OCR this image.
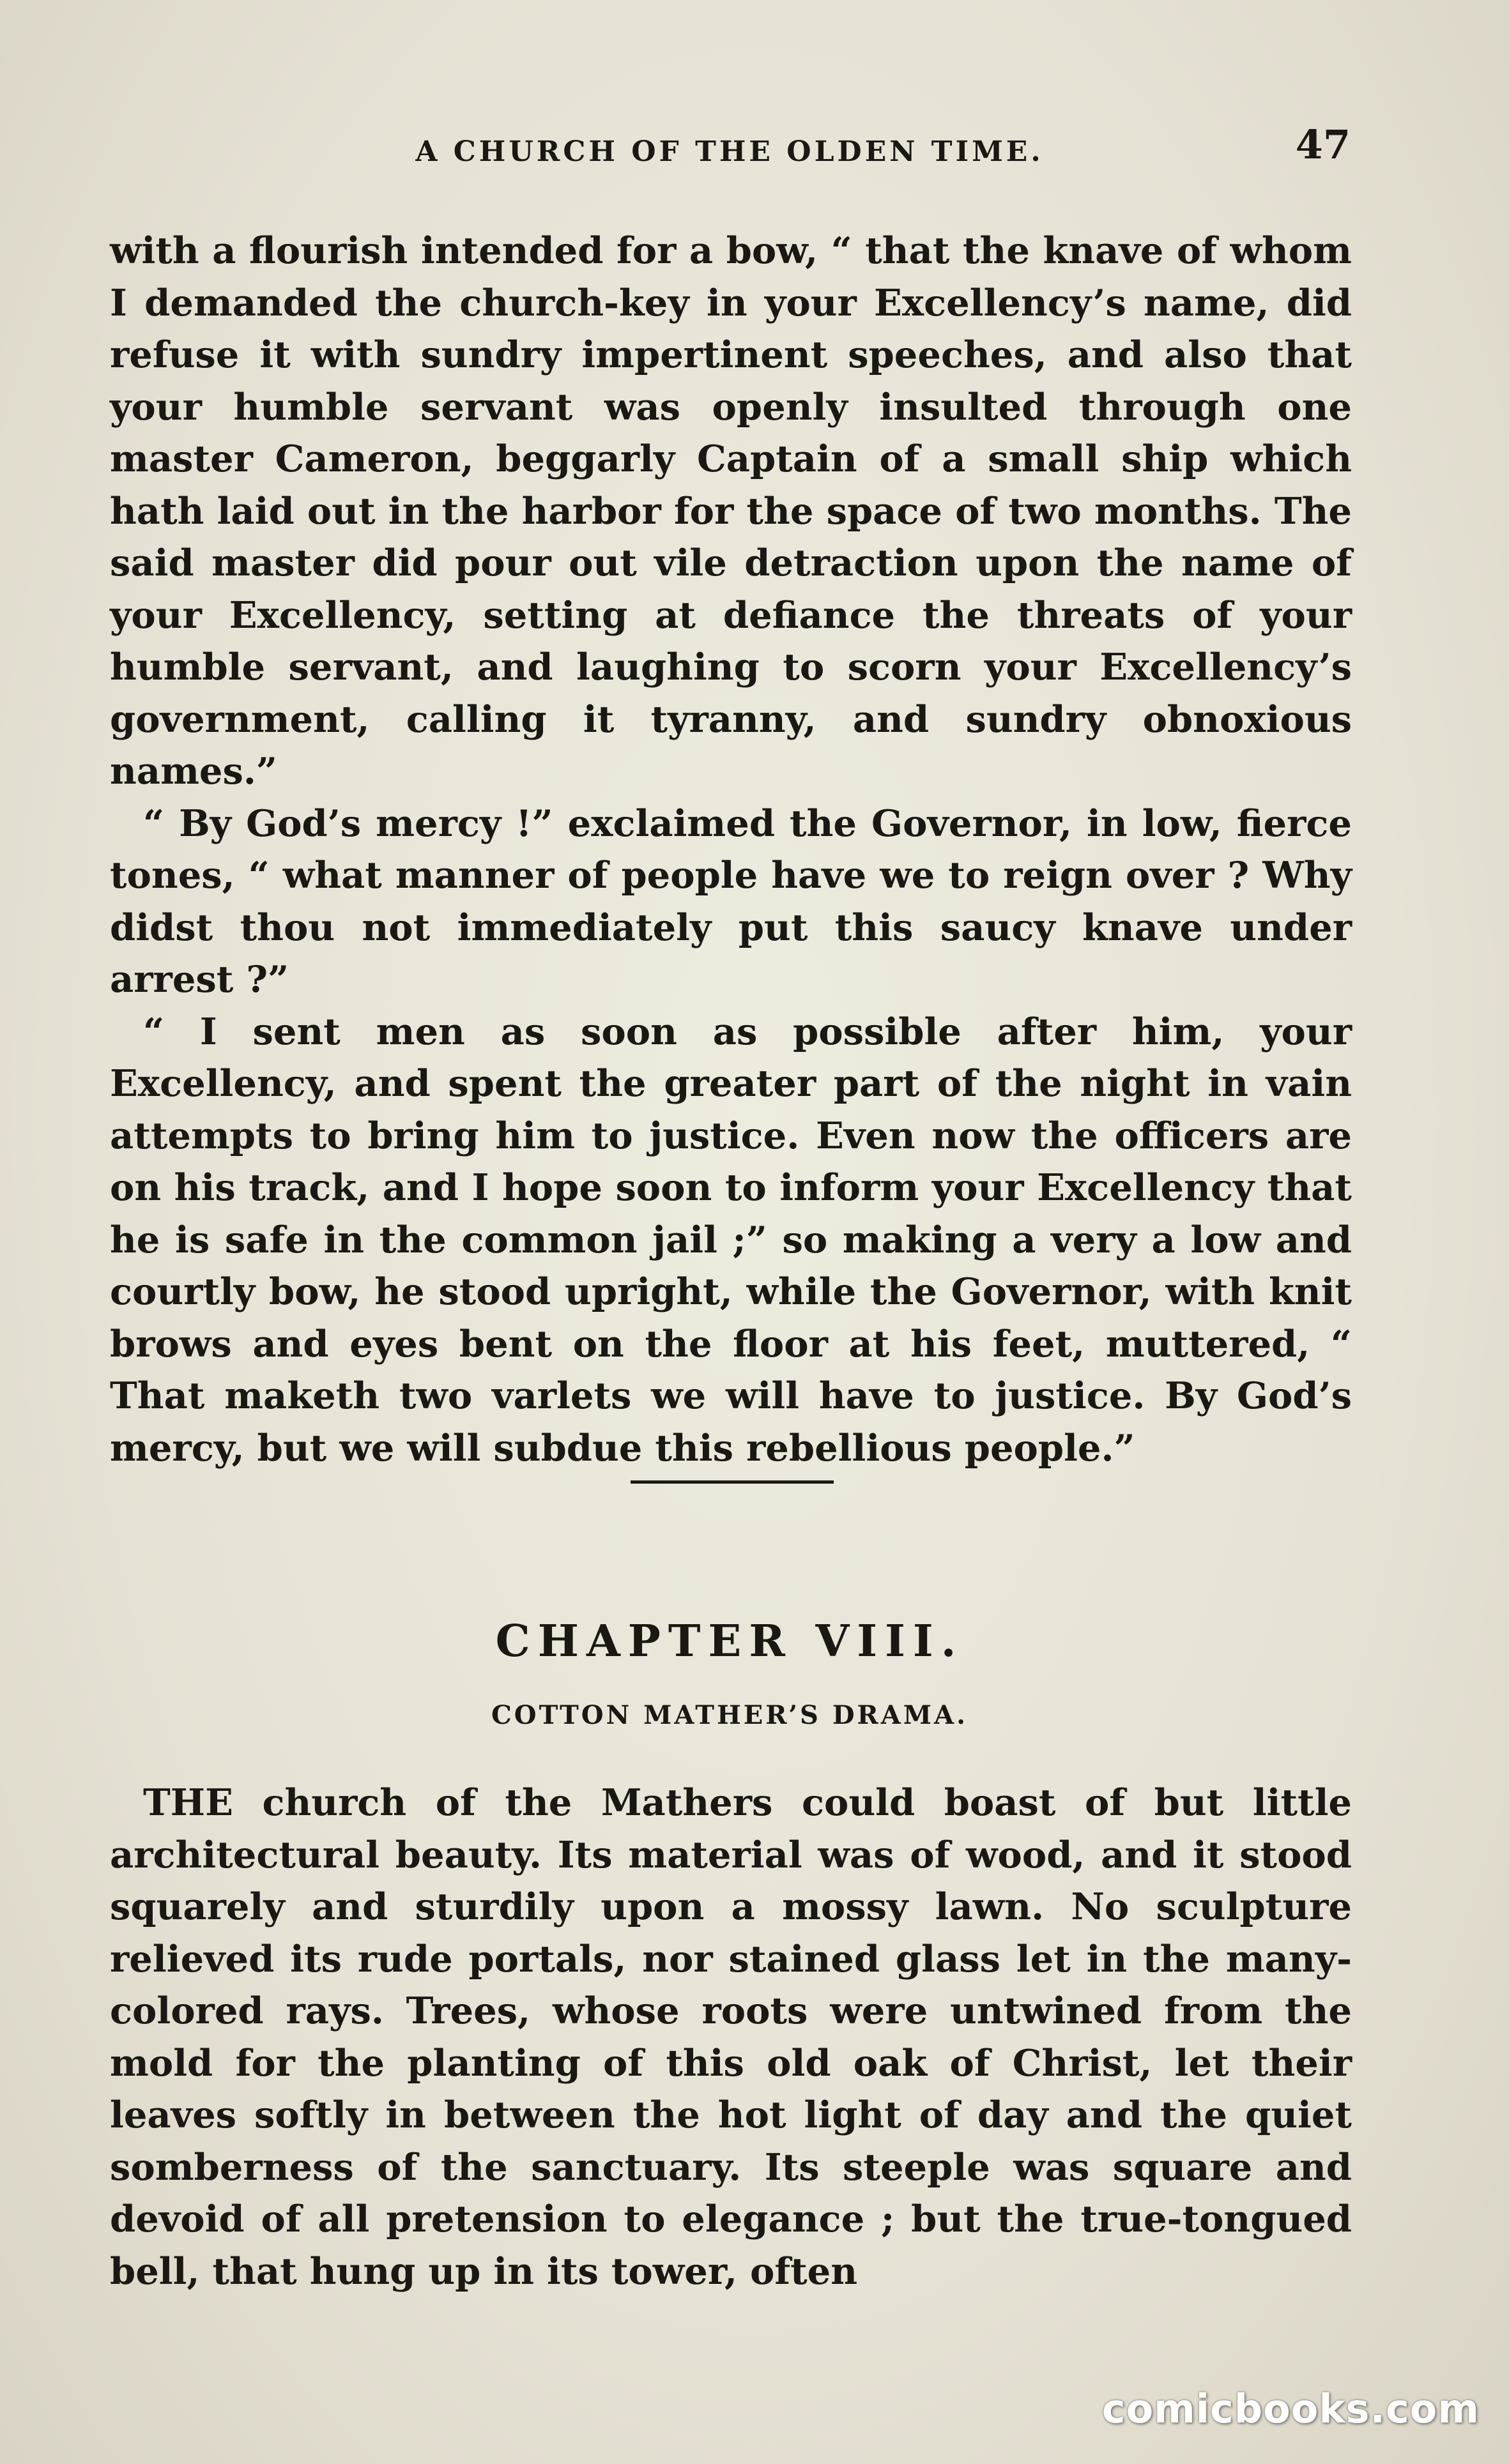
A CHURCH OF THE OLDEN TIME.	47

with a flourish intended for a bow, “ that the knave of whom I demanded the church-key in your Excellency’s name, did refuse it with sundry impertinent speeches, and also that your humble servant was openly insulted through one master Cameron, beggarly Captain of a small ship which hath laid out in the harbor for the space of two months. The said master did pour out vile detraction upon the name of your Excellency, setting at defiance the threats of your humble servant, and laughing to scorn your Excellency’s government, calling it tyranny, and sundry obnoxious names.”

“ By God’s mercy !” exclaimed the Governor, in low, fierce tones, “ what manner of people have we to reign over ? Why didst thou not immediately put this saucy knave under arrest ?”

“ I sent men as soon as possible after him, your Excellency, and spent the greater part of the night in vain attempts to bring him to justice. Even now the officers are on his track, and I hope soon to inform your Excellency that he is safe in the common jail ;” so making a very a low and courtly bow, he stood upright, while the Governor, with knit brows and eyes bent on the floor at his feet, muttered, “ That maketh two varlets we will have to justice. By God’s mercy, but we will subdue this rebellious people.”

CHAPTER VIII.
COTTON MATHER’S DRAMA.

THE church of the Mathers could boast of but little architectural beauty. Its material was of wood, and it stood squarely and sturdily upon a mossy lawn. No sculpture relieved its rude portals, nor stained glass let in the many-colored rays. Trees, whose roots were untwined from the mold for the planting of this old oak of Christ, let their leaves softly in between the hot light of day and the quiet somberness of the sanctuary. Its steeple was square and devoid of all pretension to elegance ; but the true-tongued bell, that hung up in its tower, often

comicbooks.com
